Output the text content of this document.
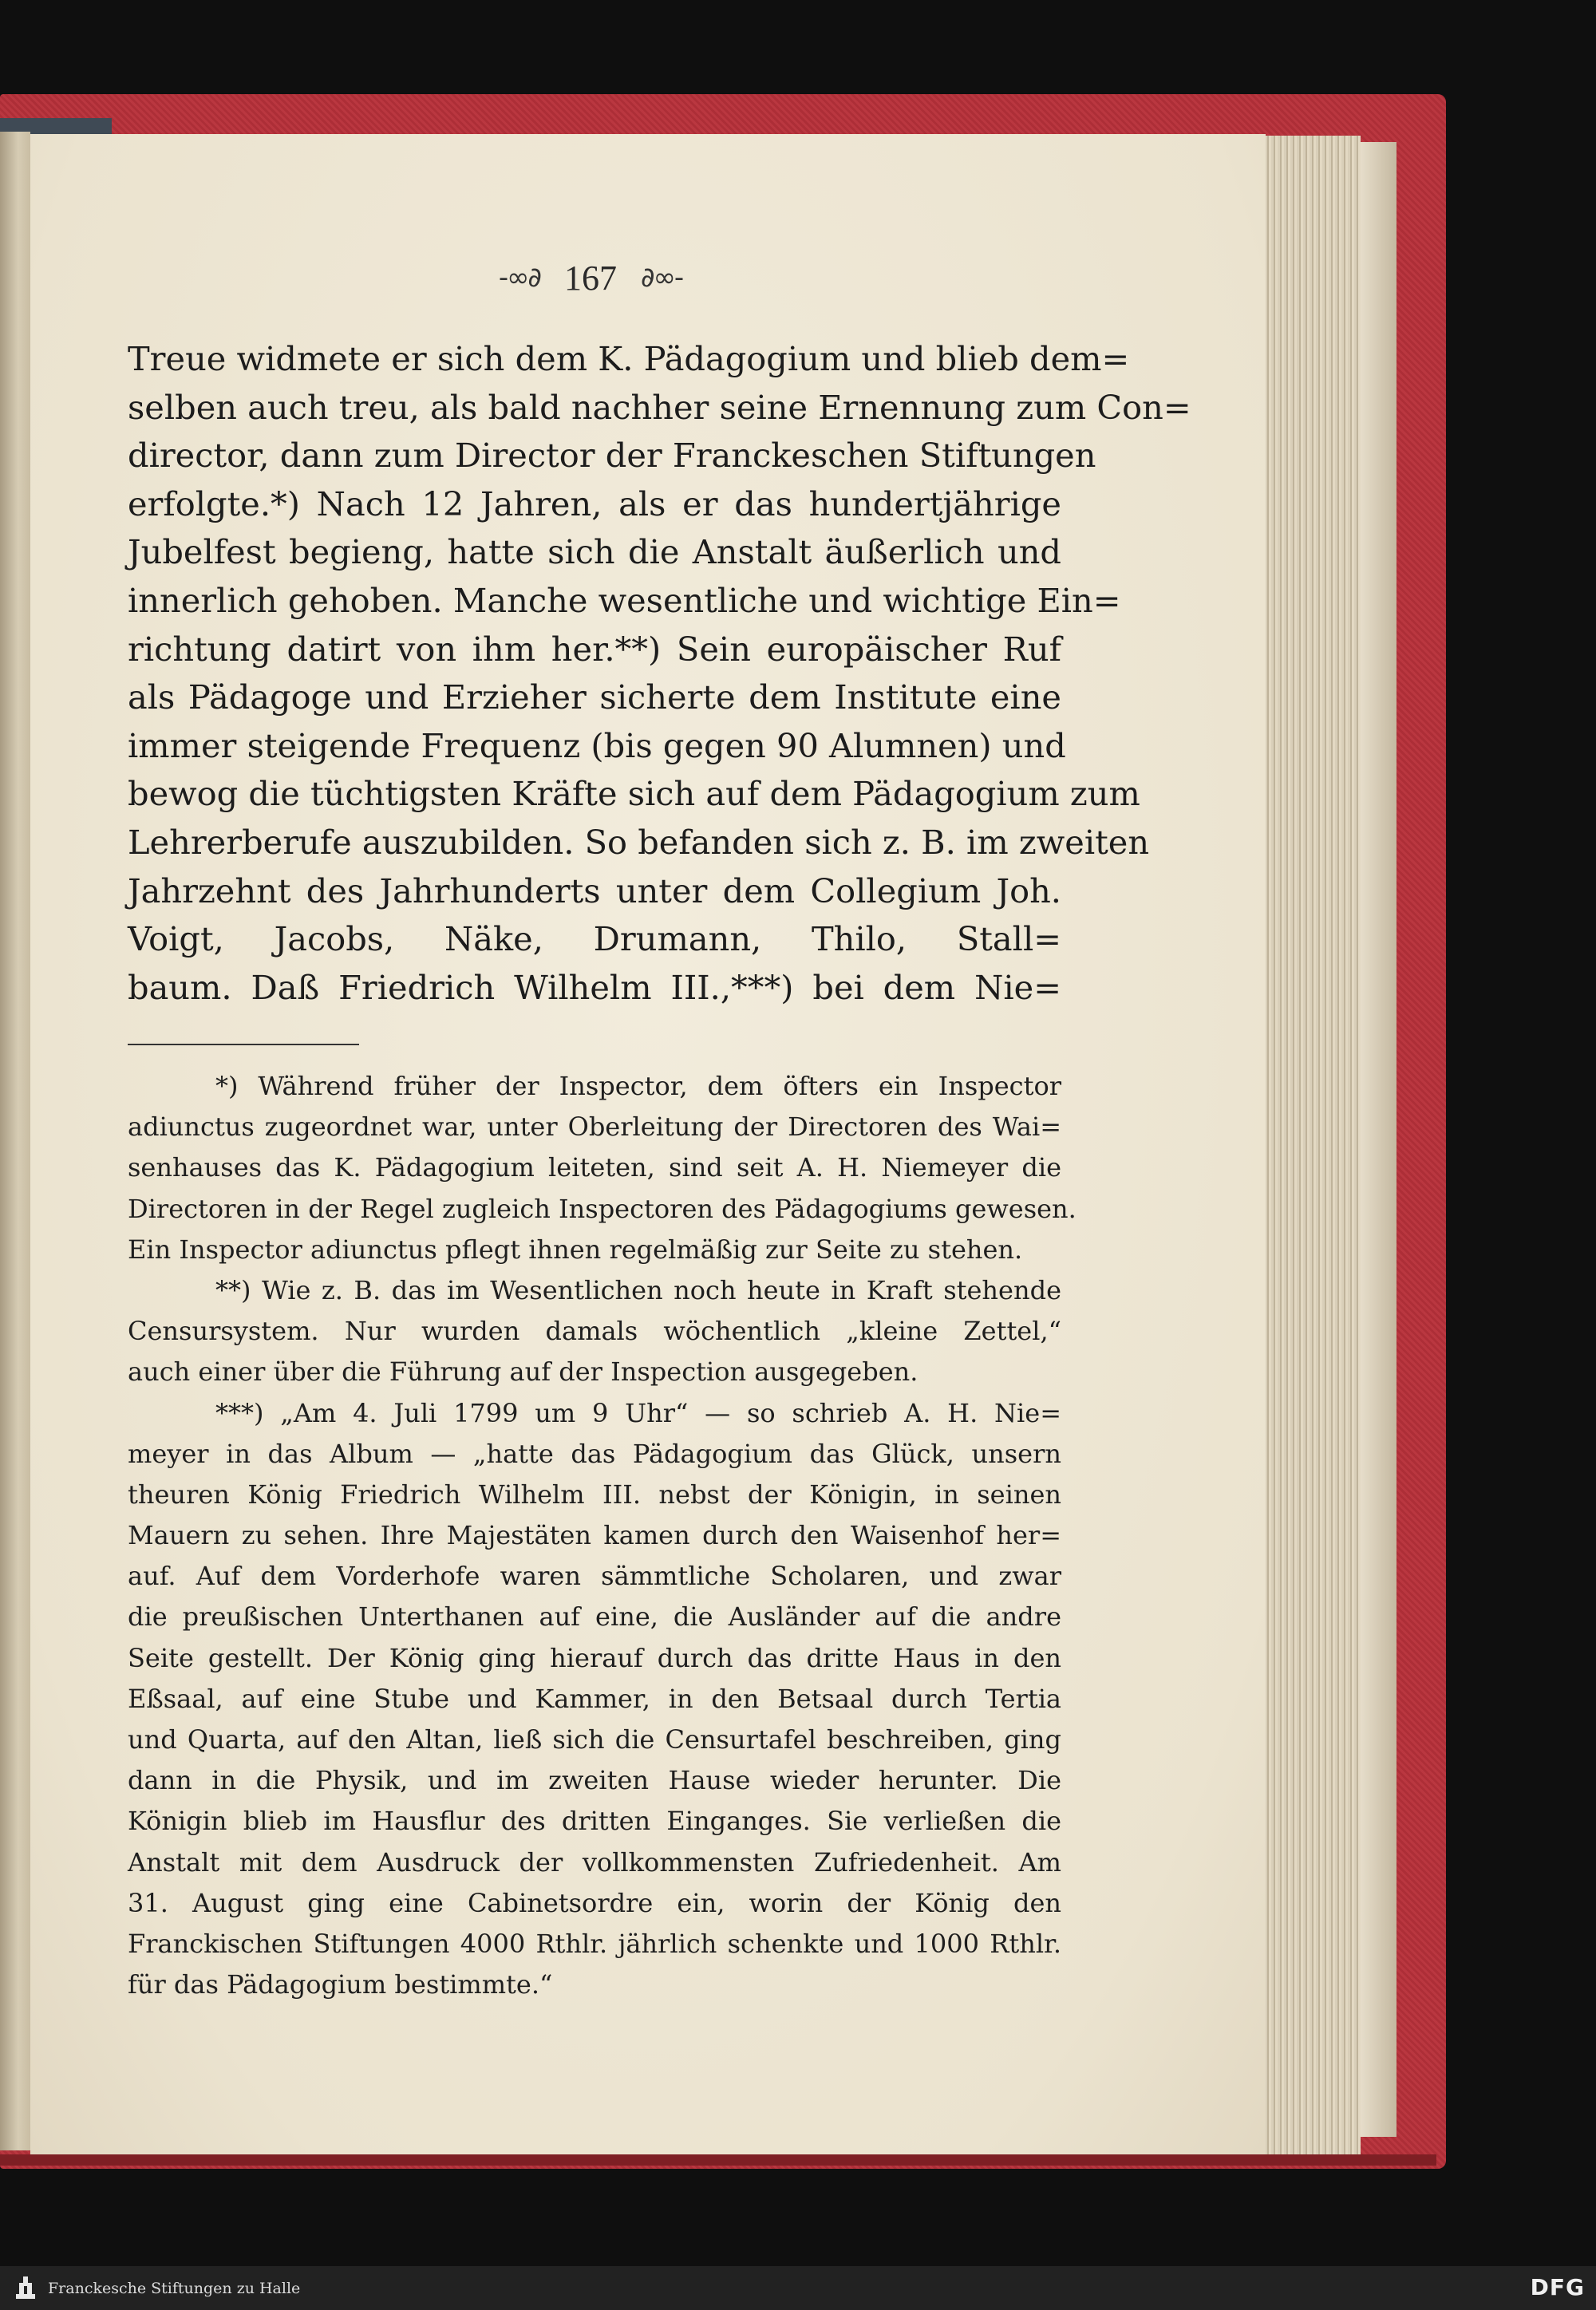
-∞∂ 167 ∂∞-
Treue widmete er sich dem K. Pädagogium und blieb dem=
selben auch treu, als bald nachher seine Ernennung zum Con=
director, dann zum Director der Franckeschen Stiftungen
erfolgte.*) Nach 12 Jahren, als er das hundertjährige
Jubelfest begieng, hatte sich die Anstalt äußerlich und
innerlich gehoben. Manche wesentliche und wichtige Ein=
richtung datirt von ihm her.**) Sein europäischer Ruf
als Pädagoge und Erzieher sicherte dem Institute eine
immer steigende Frequenz (bis gegen 90 Alumnen) und
bewog die tüchtigsten Kräfte sich auf dem Pädagogium zum
Lehrerberufe auszubilden. So befanden sich z. B. im zweiten
Jahrzehnt des Jahrhunderts unter dem Collegium Joh.
Voigt, Jacobs, Näke, Drumann, Thilo, Stall=
baum. Daß Friedrich Wilhelm III.,***) bei dem Nie=
*) Während früher der Inspector, dem öfters ein Inspector
adiunctus zugeordnet war, unter Oberleitung der Directoren des Wai=
senhauses das K. Pädagogium leiteten, sind seit A. H. Niemeyer die
Directoren in der Regel zugleich Inspectoren des Pädagogiums gewesen.
Ein Inspector adiunctus pflegt ihnen regelmäßig zur Seite zu stehen.
**) Wie z. B. das im Wesentlichen noch heute in Kraft stehende
Censursystem. Nur wurden damals wöchentlich „kleine Zettel,“
auch einer über die Führung auf der Inspection ausgegeben.
***) „Am 4. Juli 1799 um 9 Uhr“ — so schrieb A. H. Nie=
meyer in das Album — „hatte das Pädagogium das Glück, unsern
theuren König Friedrich Wilhelm III. nebst der Königin, in seinen
Mauern zu sehen. Ihre Majestäten kamen durch den Waisenhof her=
auf. Auf dem Vorderhofe waren sämmtliche Scholaren, und zwar
die preußischen Unterthanen auf eine, die Ausländer auf die andre
Seite gestellt. Der König ging hierauf durch das dritte Haus in den
Eßsaal, auf eine Stube und Kammer, in den Betsaal durch Tertia
und Quarta, auf den Altan, ließ sich die Censurtafel beschreiben, ging
dann in die Physik, und im zweiten Hause wieder herunter. Die
Königin blieb im Hausflur des dritten Einganges. Sie verließen die
Anstalt mit dem Ausdruck der vollkommensten Zufriedenheit. Am
31. August ging eine Cabinetsordre ein, worin der König den
Franckischen Stiftungen 4000 Rthlr. jährlich schenkte und 1000 Rthlr.
für das Pädagogium bestimmte.“
Franckesche Stiftungen zu Halle	DFG
